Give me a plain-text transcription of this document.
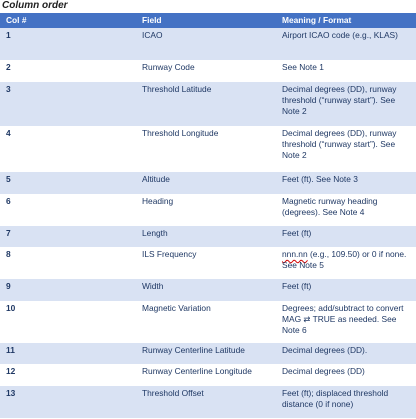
Column order
Col #	Field	Meaning / Format
1	ICAO	Airport ICAO code (e.g., KLAS)
2	Runway Code	See Note 1
3	Threshold Latitude	Decimal degrees (DD), runway threshold (“runway start”). See Note 2
4	Threshold Longitude	Decimal degrees (DD), runway threshold (“runway start”). See Note 2
5	Altitude	Feet (ft). See Note 3
6	Heading	Magnetic runway heading (degrees). See Note 4
7	Length	Feet (ft)
8	ILS Frequency	nnn.nn (e.g., 109.50) or 0 if none. See Note 5
9	Width	Feet (ft)
10	Magnetic Variation	Degrees; add/subtract to convert MAG ⇄ TRUE as needed. See Note 6
11	Runway Centerline Latitude	Decimal degrees (DD).
12	Runway Centerline Longitude	Decimal degrees (DD)
13	Threshold Offset	Feet (ft); displaced threshold distance (0 if none)
